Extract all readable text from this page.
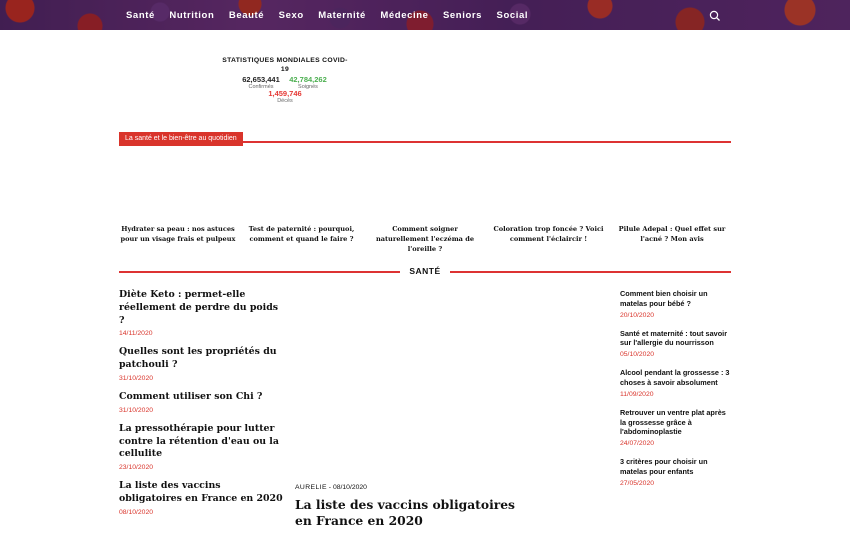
Santé Nutrition Beauté Sexo Maternité Médecine Seniors Social
STATISTIQUES MONDIALES COVID-19
62,653,441
Confirmés
42,784,262
Soignés
1,459,746
Décès
La santé et le bien-être au quotidien
Hydrater sa peau : nos astuces pour un visage frais et pulpeux
Test de paternité : pourquoi, comment et quand le faire ?
Comment soigner naturellement l'eczéma de l'oreille ?
Coloration trop foncée ? Voici comment l'éclaircir !
Pilule Adepal : Quel effet sur l'acné ? Mon avis
SANTÉ
Diète Keto : permet-elle réellement de perdre du poids ?
14/11/2020
Quelles sont les propriétés du patchouli ?
31/10/2020
Comment utiliser son Chi ?
31/10/2020
La pressothérapie pour lutter contre la rétention d'eau ou la cellulite
23/10/2020
La liste des vaccins obligatoires en France en 2020
08/10/2020
AURELIE - 08/10/2020
La liste des vaccins obligatoires en France en 2020
Comment bien choisir un matelas pour bébé ?
20/10/2020
Santé et maternité : tout savoir sur l'allergie du nourrisson
05/10/2020
Alcool pendant la grossesse : 3 choses à savoir absolument
11/09/2020
Retrouver un ventre plat après la grossesse grâce à l'abdominoplastie
24/07/2020
3 critères pour choisir un matelas pour enfants
27/05/2020
